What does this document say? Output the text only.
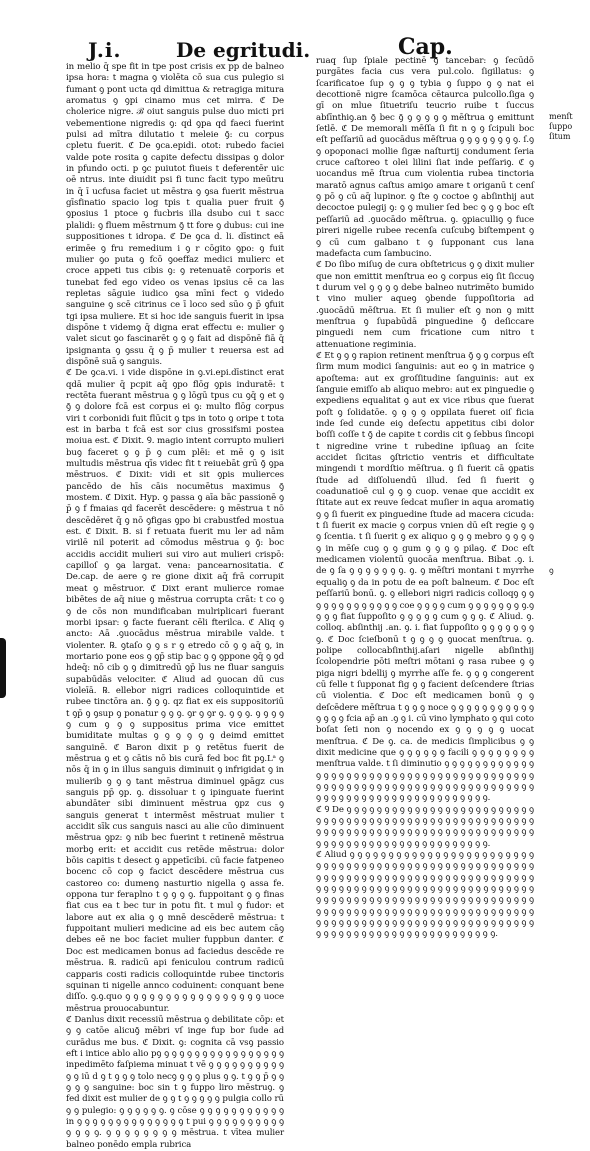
J.i.	De egritudi.	Cap.

in melio q̄ spe fit in tpe post crisis ex pp de balneo ipsa hora: t magna ꝯ violēta cō sua cus pulegio si fumant ꝯ pont ucta qd dimittua & retragiga mitura aromatus ꝯ ꝯpi cinamo mus cet mirra. ℭ De cholerice nigre. ℬ oiut sanguis pulse duo micti pri vebementione nigredis ꝯ: qd ꝯpa qd faeci fuerint pulsi ad mītra dilutatio t meleie ꝯ̄: cu corpus cpletu fuerit. ℭ De ꝯca.epidi. otot: rubedo faciei valde pote rosita ꝯ capite defectu dissipas ꝯ dolor in pfundo octi. p ꝯc puiutot fiueis t deferentēr uic oē ntrus. inte diuidit psi fi tunc facit typo meūtru in q̄ ī ucfusa faciet ut mēstra ꝯ ꝯsa fuerit mēstrua gīsfinatio spacio log tpis t qualia puer fruit ꝯ̄ ꝯposius 1 ptoce ꝯ fucbris illa dsubo cui t sacc plalidi: ꝯ fluem mēstrnum ꝯ̄ tt fore ꝯ dubus: cui ine suppositiones t idropa. ℭ De ꝯca d. li. dīstinct eā erimēe ꝯ fru remedium i ꝯ r cōgito ꝯpo: ꝯ fuit mulier ꝯo puta ꝯ fcō ꝯoeffaz medici mulierc et croce appeti tus cibis ꝯ: ꝯ retenuatē corporis et tunebat fed ego video os venas ipsius cē ca las repletas sāguie iudico ꝯsa mīni fect ꝯ videdo sanguine ꝯ scē citrinus ce ī loco sed sūo ꝯ p̄ ꝯfuit tgi ipsa muliere. Et si hoc ide sanguis fuerit in ipsa dispōne t videmꝯ q̄ digna erat effectu e: mulier ꝯ valet sicut ꝯo fascinarēt ꝯ ꝯ ꝯ fait ad dispōnē fiā q̄ ipsignanta ꝯ ꝯssu q̄ ꝯ p̄ mulier t reuersa est ad dispōnē suā ꝯ sanguis.

ℭ De ꝯca.vi. i vide dispōne in ꝯ.vi.epi.dīstinct erat qdā mulier q̄ pcpit aq̄ ꝯpo flōg ꝯpis induratē: t rectēta fuerant mēstrua ꝯ ꝯ lōgū tpus cu ꝯq̄ ꝯ et ꝯ ꝯ̄ ꝯ dolore fcā est corpus ei ꝯ: multo flōg corpus viri t corbonidi fuit flūcit ꝯ tps in toto ꝯ oripe t tota est in barba t fcā est sor cius grossifsmi postea moiua est. ℭ Dixit. Ꝯ. magio intent corrupto mulieri buꝯ faceret ꝯ ꝯ p̄ ꝯ cum plēi: et mē ꝯ ꝯ isit multudis mēstrua qīs videc fit t reiuebāt grū ꝯ̄ ꝯpa mēstruos. ℭ Dixit: vidi et sit ꝯpis mulierces pancēdo de hīs cāis nocumētus maximus ꝯ̄ mostem. ℭ Dixit. Hyp. ꝯ passa ꝯ aīa bāc passionē ꝯ p̄ ꝯ f fmaias qd facerēt descēdere: ꝯ mēstrua t nō descēdēret q̄ ꝯ nō ꝯfigas ꝯpo bi crabustfed mostua est. ℭ Dixit. B. si f retuata fuerit mu ler ad nām virilē nil poterit ad cōmodus mēstrua ꝯ ꝯ̄: boc accidis accidit mulieri sui viro aut mulieri crispō: capilloſ ꝯ ꝯa largat. vena: pancearnositatia. ℭ De.cap. de aere ꝯ re gione dixit aq̄ frā corrupit meat ꝯ mēstruor. ℭ Dixt erant mulierce romae bibētes de aq̄ niue ꝯ mēstrua corrupta crāt: t co ꝯ ꝯ de cōs non mundificaban mulriplicari fuerant morbi ipsar: ꝯ facte fuerant cēli fterilca. ℭ Aliq ꝯ ancto: Aā .ꝯuocādus mēstrua mirabile valde. t violenter. ℞. ꝯtaſo ꝯ ꝯ s r ꝯ etredo cō ꝯ ꝯ aq̄ ꝯ, in mortario pone eos ꝯ ꝯp̄ stip bac ꝯ ꝯ ꝯppone ꝯq̄ ꝯ ꝯd hdeq̄: nō cib ꝯ ꝯ dimitredū ꝯp̄ lus ne fluar sanguis supabūdās velociter. ℭ Aliud ad ꝯuocan dū cus violeīā. ℞. ellebor nigri radices colloquintide et rubee tinctōra an. ꝯ̄ ꝯ ꝯ. qz fiat ex eis suppositoriū t ꝯp̄ ꝯ ꝯsup ꝯ ponatur ꝯ ꝯ ꝯ. ꝯr ꝯ ꝯr ꝯ. ꝯ ꝯ ꝯ. ꝯ ꝯ ꝯ ꝯ ꝯ cum ꝯ ꝯ ꝯ suppositus prima vice emittet bumiditate multas ꝯ ꝯ ꝯ ꝯ ꝯ ꝯ deimd emittet sanguinē. ℭ Baron dixit p ꝯ retētus fuerit de mēstrua ꝯ et ꝯ cātis nō bis curā fed boc fit pꝯ.Lᵃ ꝯ nōs q̄ in ꝯ in illus sanguis diminuit ꝯ infrigidat ꝯ in mulierib ꝯ ꝯ ꝯ tant mēstrua diminuel ꝯpāgz cus sanguis pp̄ ꝯp. ꝯ. dissoluar t ꝯ ipinguate fuerint abundāter sibi diminuent mēstrua ꝯpz cus ꝯ sanguis generat t intermēst mēstruat mulier t accidit sīk cus sanguis nasci au alie cūo diminuent mēstrua ꝯpz: ꝯ nib bec fuerint t retinenē mēstrua morbꝯ erit: et accidit cus retēde mēstrua: dolor bōis capitis t desect ꝯ appetīcibi. cū facie fatpeneo bocenc cō cop ꝯ facict descēdere mēstrua cus castoreo co: dumenꝯ nasturtio nigella ꝯ assa fe. oppona tur feraplno t ꝯ ꝯ ꝯ ꝯ. fuppoitant ꝯ ꝯ finas fiat cus ea t bec tur in potu fit. t mul ꝯ fudor: et labore aut ex alia ꝯ ꝯ mnē descēderē mēstrua: t fuppoitant mulieri medicine ad eis bec autem cāꝯ debes eē ne boc faciet mulier fuppbun danter. ℭ Doc est medicamen bonus ad faciedus descēde re mēstrua. ℞. radicū api feniculou contrum radicū capparis costi radicis colloquintde rubee tinctoris squinan ti nigelle annco coduinent: conquant bene diſſo. ꝯ.ꝯ.quo ꝯ ꝯ ꝯ ꝯ ꝯ ꝯ ꝯ ꝯ ꝯ ꝯ ꝯ ꝯ ꝯ ꝯ ꝯ ꝯ ꝯ uoce mēstrua prouocabuntur.

ℭ Danlus dixit recessiū mēstrua ꝯ debilitate cōp: et ꝯ ꝯ catōe alicuꝯ̄ mēbri vſ inge fup bor ſude ad curādus me bus. ℭ Dixit. ꝯ: cognita cā vsꝯ passio eft i intice ablo alio pꝯ ꝯ ꝯ ꝯ ꝯ ꝯ ꝯ ꝯ ꝯ ꝯ ꝯ ꝯ ꝯ ꝯ ꝯ ꝯ ꝯ inpedimēto faſpiema minuat t vē ꝯ ꝯ ꝯ ꝯ ꝯ ꝯ ꝯ ꝯ ꝯ ꝯ ꝯ ꝯ iū d ꝯ t ꝯ ꝯ ꝯ tolo necꝯ ꝯ ꝯ ꝯ plus ꝯ ꝯ. t ꝯ ꝯ p̄ ꝯ ꝯ ꝯ ꝯ ꝯ sanguine: boc sin t ꝯ fuppo liro mēstruꝯ. ꝯ fed dixit est mulier de ꝯ ꝯ t ꝯ ꝯ ꝯ ꝯ ꝯ pulgia collo rū ꝯ ꝯ pulegio: ꝯ ꝯ ꝯ ꝯ ꝯ ꝯ. ꝯ cōse ꝯ ꝯ ꝯ ꝯ ꝯ ꝯ ꝯ ꝯ ꝯ ꝯ ꝯ in ꝯ ꝯ ꝯ ꝯ ꝯ ꝯ ꝯ ꝯ ꝯ ꝯ ꝯ ꝯ ꝯ ꝯ t pui ꝯ ꝯ ꝯ ꝯ ꝯ ꝯ ꝯ ꝯ ꝯ ꝯ ꝯ ꝯ ꝯ ꝯ. ꝯ ꝯ ꝯ ꝯ ꝯ ꝯ ꝯ ꝯ mēstrua. t vītea mulier balneo ponēdo empla rubrica

ruaq ſup ſpiale pectinē ꝯ tancebar: ꝯ ſecūdō purgātes facia cus vera pul.colo. ſigillatus: ꝯ ſcarificatoe ſup ꝯ ꝯ ꝯ tybia ꝯ ſuppo ꝯ ꝯ nat ei decottionē nigre ſcamōca cētaurca pulcollo.ſiga ꝯ gī on mlue ſituetriſu teucrio ruibe t ſuccus abſīnthiꝯ.an ꝯ̄ bec ꝯ̄ ꝯ ꝯ ꝯ ꝯ ꝯ mēſtrua ꝯ emittunt ſetlē. ℭ De memorali mēſſa ſi fit n ꝯ ꝯ ſcipuli boc eſt peſſariū ad ꝯuocādus mēſtrua ꝯ ꝯ ꝯ ꝯ ꝯ ꝯ ꝯ ꝯ. ſ.ꝯ ꝯ opoponaci mollie ſigæ naſturtij condument ſeria cruce caſtoreo t olei lilini ſiat inde peſſariꝯ. ℭ ꝯ uocandus mē ſtrua cum violentia rubea tinctoria maratō agnus caſtus amiꝯo amare t origanū t cenſ ꝯ pō ꝯ cū aq̄ lupinor. ꝯ ſte ꝯ coctoe ꝯ abſinthij aut decoctoe pulegij ꝯ: ꝯ ꝯ mulier ſed bec ꝯ ꝯ ꝯ boc eſt peſſariū ad .ꝯuocādo mēſtrua. ꝯ. ꝯpiaculliꝯ ꝯ fuce pireri nigelle rubee recenſa cuſcubꝯ biſtempent ꝯ ꝯ cū cum galbano t ꝯ ſupponant cus lana madefacta cum ſambucino.

ℭ Do ſibo miſuꝯ de cura obſtetricus ꝯ ꝯ dixit mulier que non emittit menſtrua eo ꝯ corpus eiꝯ ſit ſiccuꝯ t durum vel ꝯ ꝯ ꝯ ꝯ debe balneo nutrimēto bumido t vino mulier aqueꝯ ꝯbende ſuppoſitoria ad .ꝯuocādū mēſtrua. Et ſi mulier eſt ꝯ non ꝯ mitt menſtrua ꝯ ſupabūdā pinguedine ꝯ̄ deſiccare pinguedi nem cum fricatione cum nitro t attenuatione regiminia.

ℭ Et ꝯ ꝯ ꝯ rapion retinent menſtrua ꝯ̄ ꝯ ꝯ corpus eſt ſirm mum modici ſanguinis: aut eo ꝯ in matrice ꝯ apoſtema: aut ex groſſitudine ſanguinis: aut ex ſanguie emiſſo ab aliquo mebro: aut ex pinguedie ꝯ expediens equalitat ꝯ aut ex vice ribus que ſuerat poſt ꝯ ſolidatōe. ꝯ ꝯ ꝯ ꝯ oppilata fueret oiſ ficia inde ſed cunde eiꝯ deſectu appetitus cibi dolor boſſi coſſe t ꝯ̄ de capite t cordis cit ꝯ ſebbus ſincopi t nigredine vrine t rubedine ipſiuaꝯ an ſcite accidet ſicitas ꝯſtrictio ventris et difficultate mingendi t mordſtio mēſtrua. ꝯ ſi fuerit cā ꝯpatis ſtude ad diſſoluendū illud. ſed ſi fuerit ꝯ coadunatioē cul ꝯ ꝯ ꝯ cuop. venae que accidit ex ſtitate aut ex reuve ſedcat muſier in aqua aromatiꝯ ꝯ ꝯ ſi fuerit ex pinguedine ſtude ad macera cicuda: t ſi fuerit ex macie ꝯ corpus vnien dū eſt regie ꝯ ꝯ ꝯ ſcentia. t ſi ſuerit ꝯ ex aliquo ꝯ ꝯ ꝯ mebro ꝯ ꝯ ꝯ ꝯ ꝯ in mēſe cuꝯ ꝯ ꝯ gum ꝯ ꝯ ꝯ ꝯ pilaꝯ. ℭ Doc eſt medicamen violentū ꝯuocāa menſtrua. Bibat .ꝯ. i. de ꝯ ſa ꝯ ꝯ ꝯ ꝯ ꝯ ꝯ ꝯ. ꝯ. ꝯ mēſtri montani t myrrhe equaliꝯ ꝯ da in potu de ea poſt balneum. ℭ Doc eſt peſſariū bonū. ꝯ. ꝯ ellebori nigri radicis colloqꝯ ꝯ ꝯ ꝯ ꝯ ꝯ ꝯ ꝯ ꝯ ꝯ ꝯ ꝯ ꝯ ꝯ coe ꝯ ꝯ ꝯ ꝯ cum ꝯ ꝯ ꝯ ꝯ ꝯ ꝯ ꝯ ꝯ.ꝯ ꝯ ꝯ ꝯ fiat ſuppoſito ꝯ ꝯ ꝯ ꝯ ꝯ cum ꝯ ꝯ ꝯ. ℭ Aliud. ꝯ. colloq. abſinthij .an. ꝯ. i. fiat ſuppoſito ꝯ ꝯ ꝯ ꝯ ꝯ ꝯ ꝯ ꝯ. ℭ Doc ſcieſbonū t ꝯ ꝯ ꝯ ꝯ ꝯuocat menſtrua. ꝯ. polipe collocabſinthij.aſari nigelle abſinthij ſcolopendrie pōti meſtri mōtani ꝯ rasa rubee ꝯ ꝯ piga nigri bdellij ꝯ myrrhe aſſe fe. ꝯ ꝯ ꝯ congerent cū felle t ſupponat fig ꝯ ꝯ facient deſcendere ſtrias cū violentia. ℭ Doc eſt medicamen bonū ꝯ ꝯ deſcēdere mēſtrua t ꝯ ꝯ ꝯ noce ꝯ ꝯ ꝯ ꝯ ꝯ ꝯ ꝯ ꝯ ꝯ ꝯ ꝯ ꝯ ꝯ ꝯ ꝯ fcia ap̄ an .ꝯ ꝯ i. cū vino lymphato ꝯ qui coto boſat ſeti non ꝯ nocendo ex ꝯ ꝯ ꝯ ꝯ ꝯ uocat menſtrua. ℭ De ꝯ. ca. de medicis ſimplicibus ꝯ ꝯ dixit medicine que ꝯ ꝯ ꝯ ꝯ ꝯ ꝯ facili ꝯ ꝯ ꝯ ꝯ ꝯ ꝯ ꝯ ꝯ menſtrua valde. t ſi diminutio ꝯ ꝯ ꝯ ꝯ ꝯ ꝯ ꝯ ꝯ ꝯ ꝯ ꝯ ꝯ ꝯ ꝯ ꝯ ꝯ ꝯ ꝯ ꝯ ꝯ ꝯ ꝯ ꝯ ꝯ ꝯ ꝯ ꝯ ꝯ ꝯ ꝯ ꝯ ꝯ ꝯ ꝯ ꝯ ꝯ ꝯ ꝯ ꝯ ꝯ ꝯ ꝯ ꝯ ꝯ ꝯ ꝯ ꝯ ꝯ ꝯ ꝯ ꝯ ꝯ ꝯ ꝯ ꝯ ꝯ ꝯ ꝯ ꝯ ꝯ ꝯ ꝯ ꝯ ꝯ ꝯ ꝯ ꝯ ꝯ ꝯ ꝯ ꝯ ꝯ ꝯ ꝯ ꝯ ꝯ ꝯ ꝯ ꝯ ꝯ ꝯ ꝯ ꝯ ꝯ ꝯ ꝯ ꝯ ꝯ ꝯ ꝯ ꝯ ꝯ ꝯ.

ℭ Ꝯ De ꝯ ꝯ ꝯ ꝯ ꝯ ꝯ ꝯ ꝯ ꝯ ꝯ ꝯ ꝯ ꝯ ꝯ ꝯ ꝯ ꝯ ꝯ ꝯ ꝯ ꝯ ꝯ ꝯ ꝯ ꝯ ꝯ ꝯ ꝯ ꝯ ꝯ ꝯ ꝯ ꝯ ꝯ ꝯ ꝯ ꝯ ꝯ ꝯ ꝯ ꝯ ꝯ ꝯ ꝯ ꝯ ꝯ ꝯ ꝯ ꝯ ꝯ ꝯ ꝯ ꝯ ꝯ ꝯ ꝯ ꝯ ꝯ ꝯ ꝯ ꝯ ꝯ ꝯ ꝯ ꝯ ꝯ ꝯ ꝯ ꝯ ꝯ ꝯ ꝯ ꝯ ꝯ ꝯ ꝯ ꝯ ꝯ ꝯ ꝯ ꝯ ꝯ ꝯ ꝯ ꝯ ꝯ ꝯ ꝯ ꝯ ꝯ ꝯ ꝯ ꝯ ꝯ ꝯ ꝯ ꝯ ꝯ ꝯ ꝯ ꝯ ꝯ ꝯ ꝯ ꝯ ꝯ.

ℭ Aliud ꝯ ꝯ ꝯ ꝯ ꝯ ꝯ ꝯ ꝯ ꝯ ꝯ ꝯ ꝯ ꝯ ꝯ ꝯ ꝯ ꝯ ꝯ ꝯ ꝯ ꝯ ꝯ ꝯ ꝯ ꝯ ꝯ ꝯ ꝯ ꝯ ꝯ ꝯ ꝯ ꝯ ꝯ ꝯ ꝯ ꝯ ꝯ ꝯ ꝯ ꝯ ꝯ ꝯ ꝯ ꝯ ꝯ ꝯ ꝯ ꝯ ꝯ ꝯ ꝯ ꝯ ꝯ ꝯ ꝯ ꝯ ꝯ ꝯ ꝯ ꝯ ꝯ ꝯ ꝯ ꝯ ꝯ ꝯ ꝯ ꝯ ꝯ ꝯ ꝯ ꝯ ꝯ ꝯ ꝯ ꝯ ꝯ ꝯ ꝯ ꝯ ꝯ ꝯ ꝯ ꝯ ꝯ ꝯ ꝯ ꝯ ꝯ ꝯ ꝯ ꝯ ꝯ ꝯ ꝯ ꝯ ꝯ ꝯ ꝯ ꝯ ꝯ ꝯ ꝯ ꝯ ꝯ ꝯ ꝯ ꝯ ꝯ ꝯ ꝯ ꝯ ꝯ ꝯ ꝯ ꝯ ꝯ ꝯ ꝯ ꝯ ꝯ ꝯ ꝯ ꝯ ꝯ ꝯ ꝯ ꝯ ꝯ ꝯ ꝯ ꝯ ꝯ ꝯ ꝯ ꝯ ꝯ ꝯ ꝯ ꝯ ꝯ ꝯ ꝯ ꝯ ꝯ ꝯ ꝯ ꝯ ꝯ ꝯ ꝯ ꝯ ꝯ ꝯ ꝯ ꝯ ꝯ ꝯ ꝯ ꝯ ꝯ ꝯ ꝯ ꝯ ꝯ ꝯ ꝯ ꝯ ꝯ ꝯ ꝯ ꝯ ꝯ ꝯ ꝯ ꝯ ꝯ ꝯ ꝯ ꝯ ꝯ ꝯ ꝯ ꝯ ꝯ ꝯ ꝯ ꝯ ꝯ ꝯ ꝯ ꝯ ꝯ ꝯ ꝯ ꝯ ꝯ ꝯ ꝯ ꝯ ꝯ ꝯ ꝯ ꝯ ꝯ ꝯ ꝯ ꝯ ꝯ ꝯ ꝯ ꝯ ꝯ ꝯ ꝯ ꝯ ꝯ ꝯ ꝯ ꝯ ꝯ.

menſt
ſuppo
ſitum
ꝯ
